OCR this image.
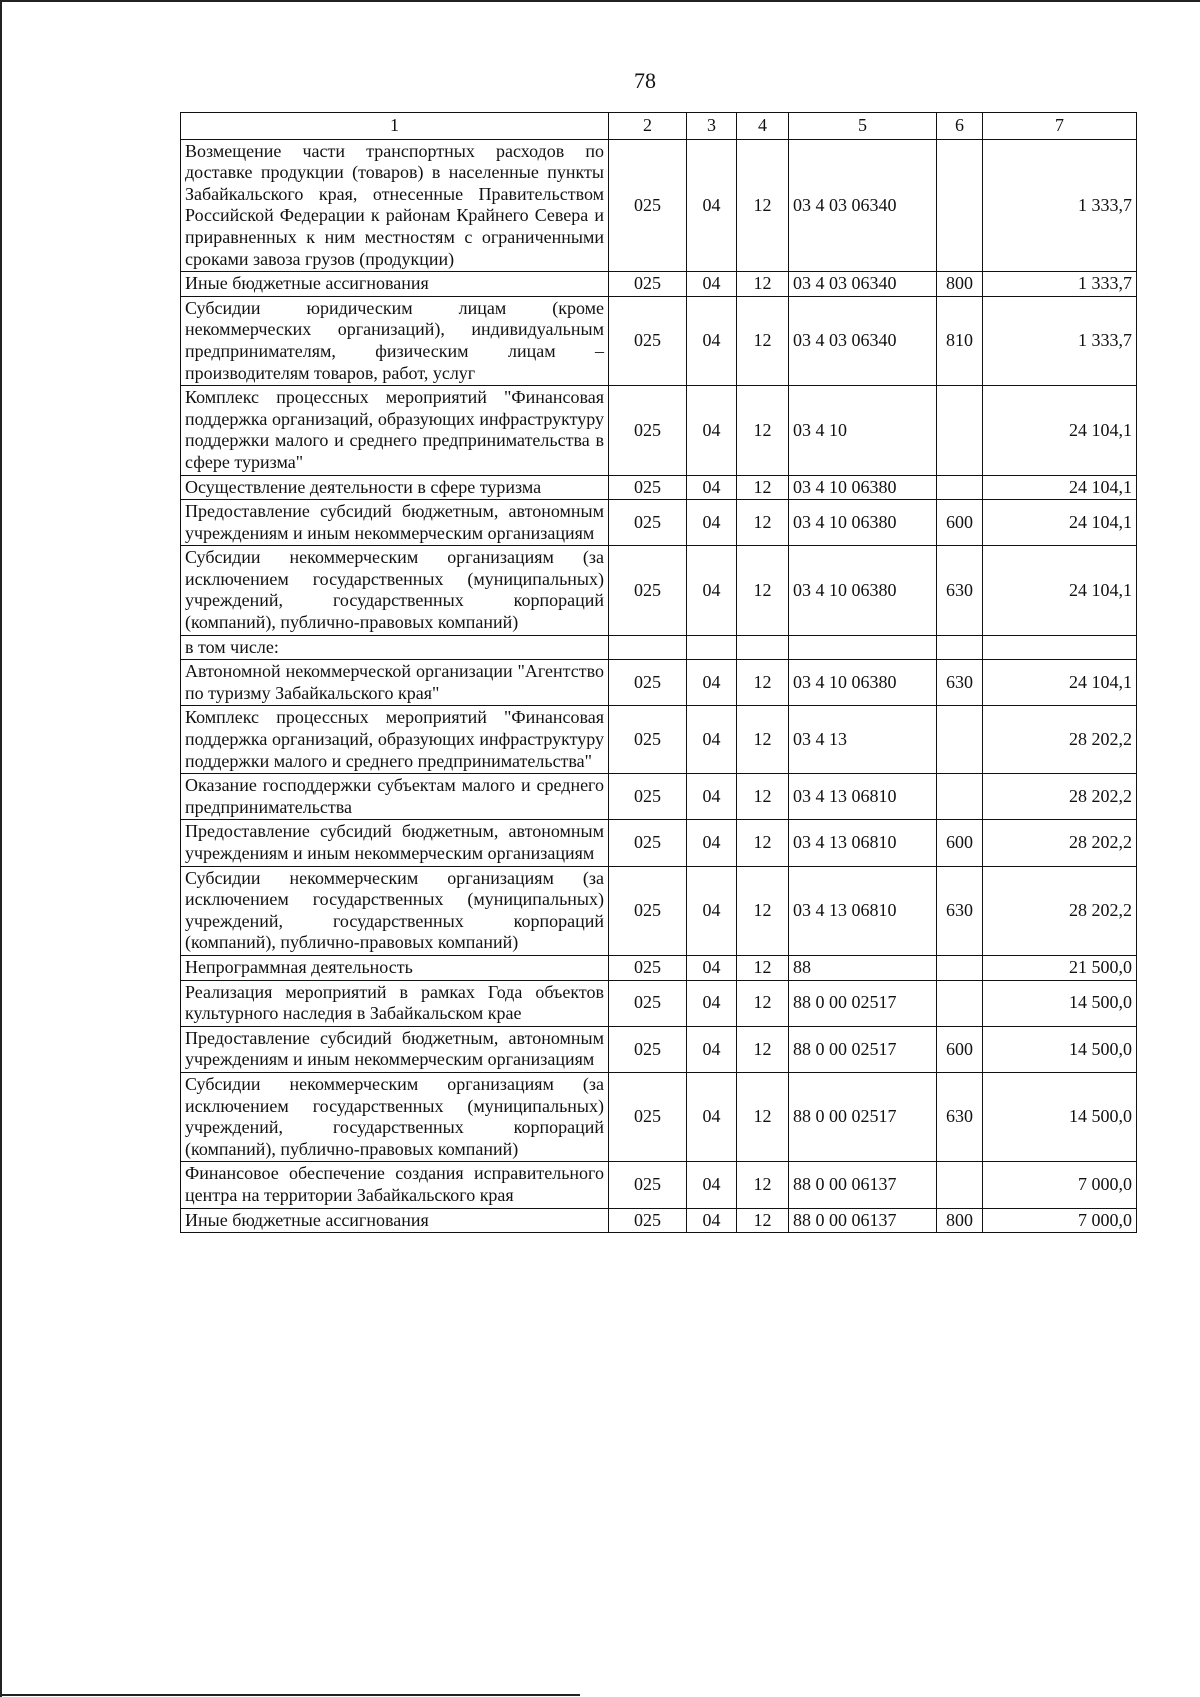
78
1	2	3	4	5	6	7
Возмещение части транспортных расходов по доставке продукции (товаров) в населенные пункты Забайкальского края, отнесенные Правительством Российской Федерации к районам Крайнего Севера и приравненных к ним местностям с ограниченными сроками завоза грузов (продукции)	025	04	12	03 4 03 06340		1 333,7
Иные бюджетные ассигнования	025	04	12	03 4 03 06340	800	1 333,7
Субсидии юридическим лицам (кроме некоммерческих организаций), индивидуальным предпринимателям, физическим лицам – производителям товаров, работ, услуг	025	04	12	03 4 03 06340	810	1 333,7
Комплекс процессных мероприятий "Финансовая поддержка организаций, образующих инфраструктуру поддержки малого и среднего предпринимательства в сфере туризма"	025	04	12	03 4 10		24 104,1
Осуществление деятельности в сфере туризма	025	04	12	03 4 10 06380		24 104,1
Предоставление субсидий бюджетным, автономным учреждениям и иным некоммерческим организациям	025	04	12	03 4 10 06380	600	24 104,1
Субсидии некоммерческим организациям (за исключением государственных (муниципальных) учреждений, государственных корпораций (компаний), публично-правовых компаний)	025	04	12	03 4 10 06380	630	24 104,1
в том числе:						
Автономной некоммерческой организации "Агентство по туризму Забайкальского края"	025	04	12	03 4 10 06380	630	24 104,1
Комплекс процессных мероприятий "Финансовая поддержка организаций, образующих инфраструктуру поддержки малого и среднего предпринимательства"	025	04	12	03 4 13		28 202,2
Оказание господдержки субъектам малого и среднего предпринимательства	025	04	12	03 4 13 06810		28 202,2
Предоставление субсидий бюджетным, автономным учреждениям и иным некоммерческим организациям	025	04	12	03 4 13 06810	600	28 202,2
Субсидии некоммерческим организациям (за исключением государственных (муниципальных) учреждений, государственных корпораций (компаний), публично-правовых компаний)	025	04	12	03 4 13 06810	630	28 202,2
Непрограммная деятельность	025	04	12	88		21 500,0
Реализация мероприятий в рамках Года объектов культурного наследия в Забайкальском крае	025	04	12	88 0 00 02517		14 500,0
Предоставление субсидий бюджетным, автономным учреждениям и иным некоммерческим организациям	025	04	12	88 0 00 02517	600	14 500,0
Субсидии некоммерческим организациям (за исключением государственных (муниципальных) учреждений, государственных корпораций (компаний), публично-правовых компаний)	025	04	12	88 0 00 02517	630	14 500,0
Финансовое обеспечение создания исправительного центра на территории Забайкальского края	025	04	12	88 0 00 06137		7 000,0
Иные бюджетные ассигнования	025	04	12	88 0 00 06137	800	7 000,0
